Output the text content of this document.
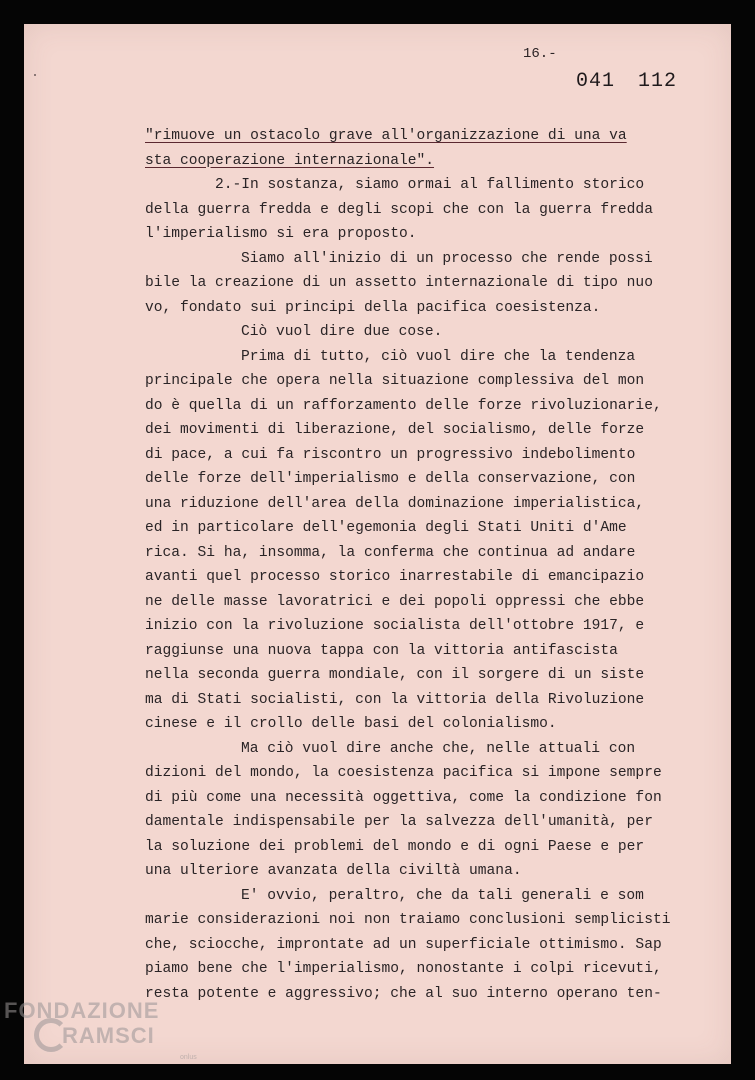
16.-
041 112
"rimuove un ostacolo grave all'organizzazione di una va
sta cooperazione internazionale".
2.-In sostanza, siamo ormai al fallimento storico
della guerra fredda e degli scopi che con la guerra fredda
l'imperialismo si era proposto.
Siamo all'inizio di un processo che rende possi
bile la creazione di un assetto internazionale di tipo nuo
vo, fondato sui principi della pacifica coesistenza.
Ciò vuol dire due cose.
Prima di tutto, ciò vuol dire che la tendenza
principale che opera nella situazione complessiva del mon
do è quella di un rafforzamento delle forze rivoluzionarie,
dei movimenti di liberazione, del socialismo, delle forze
di pace, a cui fa riscontro un progressivo indebolimento
delle forze dell'imperialismo e della conservazione, con
una riduzione dell'area della dominazione imperialistica,
ed in particolare dell'egemonia degli Stati Uniti d'Ame
rica. Si ha, insomma, la conferma che continua ad andare
avanti quel processo storico inarrestabile di emancipazio
ne delle masse lavoratrici e dei popoli oppressi che ebbe
inizio con la rivoluzione socialista dell'ottobre 1917, e
raggiunse una nuova tappa con la vittoria antifascista
nella seconda guerra mondiale, con il sorgere di un siste
ma di Stati socialisti, con la vittoria della Rivoluzione
cinese e il crollo delle basi del colonialismo.
Ma ciò vuol dire anche che, nelle attuali con
dizioni del mondo, la coesistenza pacifica si impone sempre
di più come una necessità oggettiva, come la condizione fon
damentale indispensabile per la salvezza dell'umanità, per
la soluzione dei problemi del mondo e di ogni Paese e per
una ulteriore avanzata della civiltà umana.
E' ovvio, peraltro, che da tali generali e som
marie considerazioni noi non traiamo conclusioni semplicisti
che, sciocche, improntate ad un superficiale ottimismo. Sap
piamo bene che l'imperialismo, nonostante i colpi ricevuti,
resta potente e aggressivo; che al suo interno operano ten-
FONDAZIONE
RAMSCI
onlus
